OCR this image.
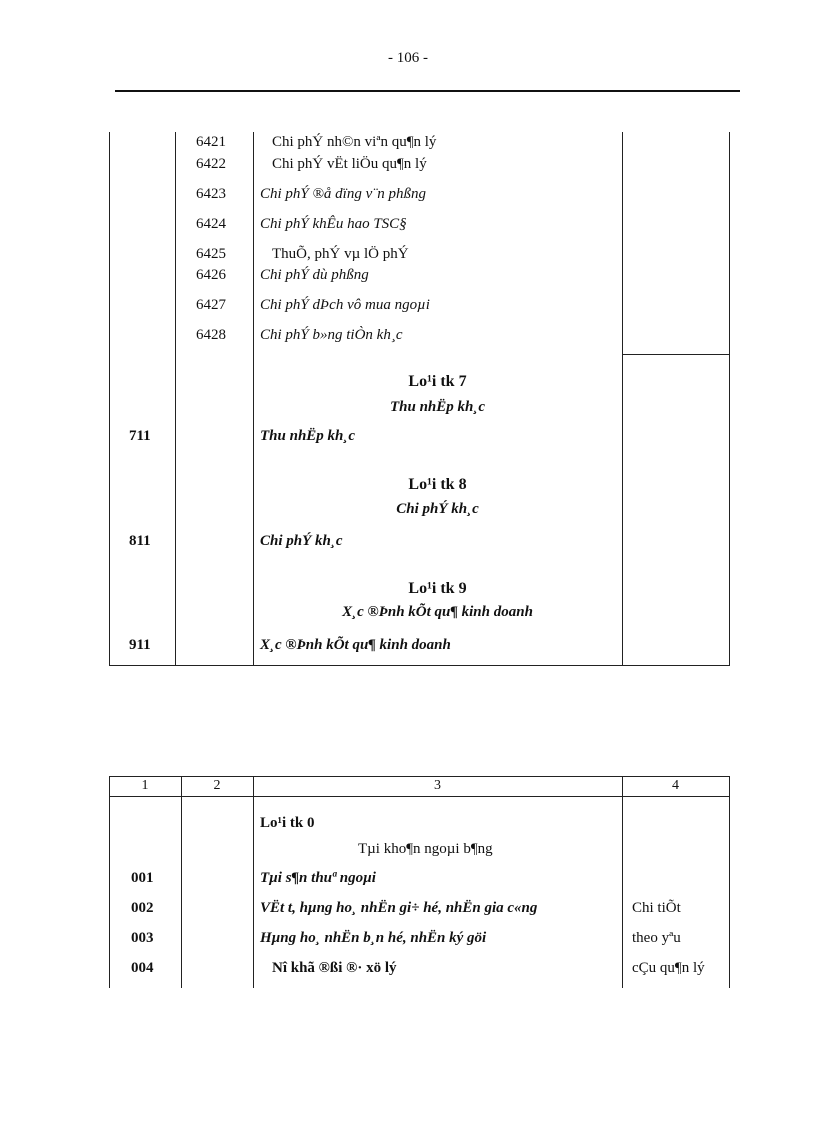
- 106 -
6421	Chi phÝ nh©n viªn qu¶n lý
6422	Chi phÝ vËt liÖu qu¶n lý
6423 Chi phÝ ®å dïng v¨n phßng
6424 Chi phÝ khÊu hao TSC§
6425	ThuÕ, phÝ vµ lÖ phÝ
6426 Chi phÝ dù phßng
6427 Chi phÝ dÞch vô mua ngoµi
6428 Chi phÝ b»ng tiÒn kh¸c
Lo¹i tk 7
Thu nhËp kh¸c
711	Thu nhËp kh¸c
Lo¹i tk 8
Chi phÝ kh¸c
811	Chi phÝ kh¸c
Lo¹i tk 9
X¸c ®Þnh kÕt qu¶ kinh doanh
911	X¸c ®Þnh kÕt qu¶ kinh doanh
1	2	3	4
Lo¹i tk 0
Tµi kho¶n ngoµi b¶ng
001	Tµi s¶n thuª ngoµi
002	VËt t, hµng ho¸ nhËn gi÷ hé, nhËn gia c«ng	Chi tiÕt
003	Hµng ho¸ nhËn b¸n hé, nhËn ký göi	theo yªu
004	Nî khã ®ßi ®· xö lý	cÇu qu¶n lý
